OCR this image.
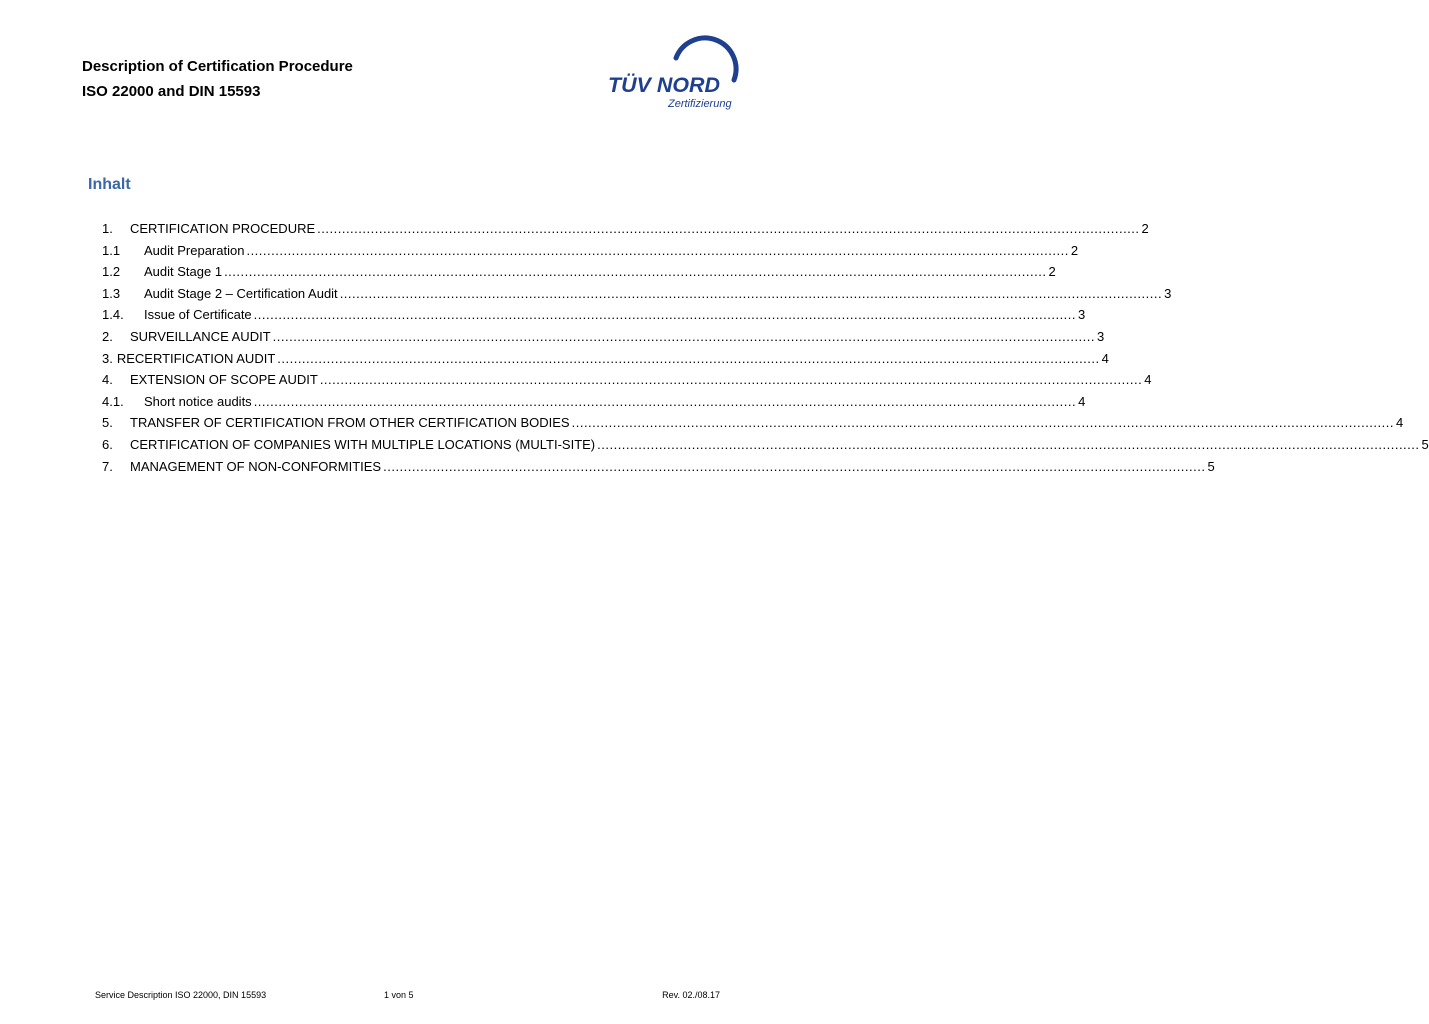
Description of Certification Procedure
ISO 22000 and DIN 15593	TÜV NORD
Zertifizierung
Inhalt
1.	CERTIFICATION PROCEDURE ........................................................................................................................................................................................................ 2
1.1	Audit Preparation ........................................................................................................................................................................................................ 2
1.2	Audit Stage 1 ........................................................................................................................................................................................................ 2
1.3	Audit Stage 2 – Certification Audit ........................................................................................................................................................................................................ 3
1.4.	Issue of Certificate ........................................................................................................................................................................................................ 3
2.	SURVEILLANCE AUDIT ........................................................................................................................................................................................................ 3
3. RECERTIFICATION AUDIT ........................................................................................................................................................................................................ 4
4.	EXTENSION OF SCOPE AUDIT ........................................................................................................................................................................................................ 4
4.1.	Short notice audits ........................................................................................................................................................................................................ 4
5.	TRANSFER OF CERTIFICATION FROM OTHER CERTIFICATION BODIES ........................................................................................................................................................................................................ 4
6.	CERTIFICATION OF COMPANIES WITH MULTIPLE LOCATIONS (MULTI-SITE) ........................................................................................................................................................................................................ 5
7.	MANAGEMENT OF NON-CONFORMITIES ........................................................................................................................................................................................................ 5
Service Description ISO 22000, DIN 15593	1 von 5	Rev. 02./08.17
